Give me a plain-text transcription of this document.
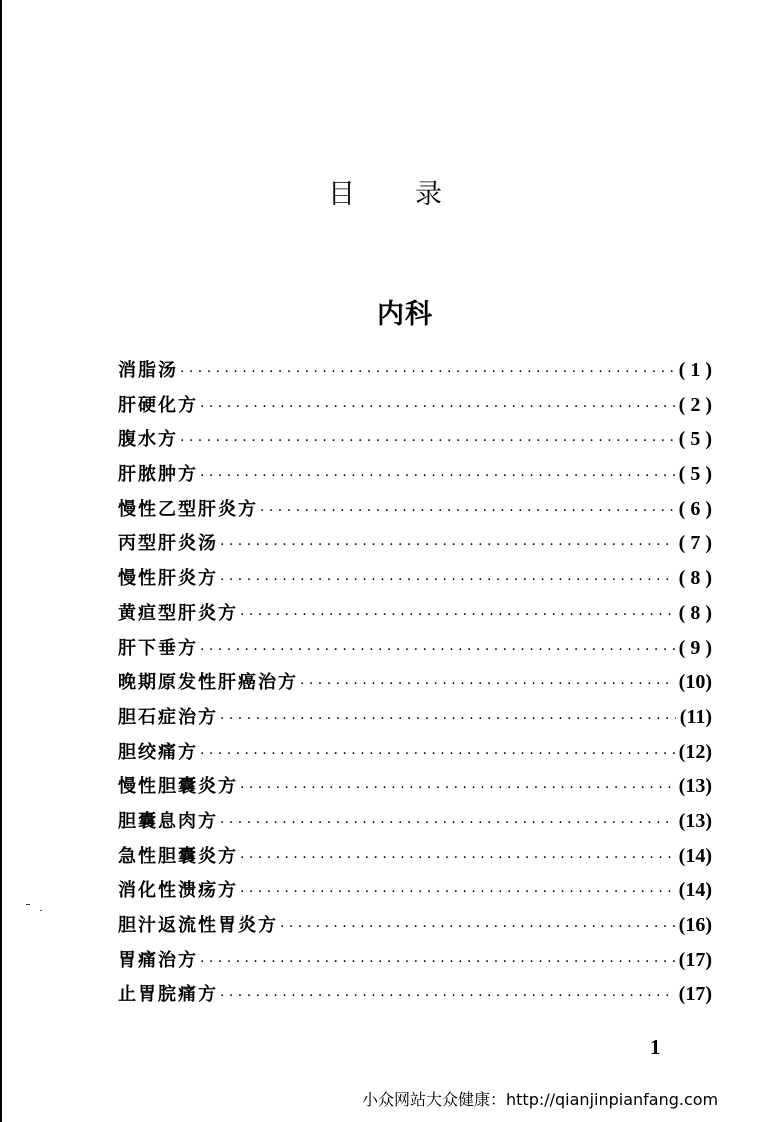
目 录
内科
消脂汤 · · ·	( 1 )
肝硬化方 · · ·	( 2 )
腹水方 · · ·	( 5 )
肝脓肿方 · · ·	( 5 )
慢性乙型肝炎方 · · ·	( 6 )
丙型肝炎汤 · · ·	( 7 )
慢性肝炎方 · · ·	( 8 )
黄疸型肝炎方 · · ·	( 8 )
肝下垂方 · · ·	( 9 )
晚期原发性肝癌治方 · · ·	(10)
胆石症治方 · · ·	(11)
胆绞痛方 · · ·	(12)
慢性胆囊炎方 · · ·	(13)
胆囊息肉方 · · ·	(13)
急性胆囊炎方 · · ·	(14)
消化性溃疡方 · · ·	(14)
胆汁返流性胃炎方 · · ·	(16)
胃痛治方 · · ·	(17)
止胃脘痛方 · · ·	(17)
1
小众网站大众健康：http://qianjinpianfang.com
